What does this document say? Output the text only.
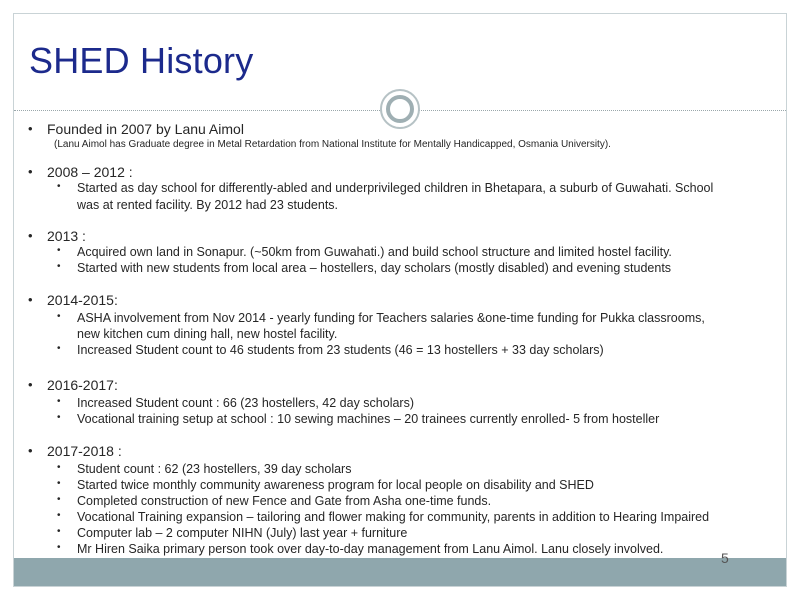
SHED History
• Founded in 2007 by Lanu Aimol
(Lanu Aimol has Graduate degree in Metal Retardation from National Institute for Mentally Handicapped, Osmania University).
• 2008 – 2012 :
• Started as day school for differently-abled and underprivileged children in Bhetapara, a suburb of Guwahati. School
was at rented facility. By 2012 had 23 students.
• 2013 :
• Acquired own land in Sonapur. (~50km from Guwahati.) and build school structure and limited hostel facility.
• Started with new students from local area – hostellers, day scholars (mostly disabled) and evening students
• 2014-2015:
• ASHA involvement from Nov 2014 - yearly funding for Teachers salaries &one-time funding for Pukka classrooms,
new kitchen cum dining hall, new hostel facility.
• Increased Student count to 46 students from 23 students (46 = 13 hostellers + 33 day scholars)
• 2016-2017:
• Increased Student count : 66 (23 hostellers, 42 day scholars)
• Vocational training setup at school : 10 sewing machines – 20 trainees currently enrolled- 5 from hosteller
• 2017-2018 :
• Student count : 62 (23 hostellers, 39 day scholars
• Started twice monthly community awareness program for local people on disability and SHED
• Completed construction of new Fence and Gate from Asha one-time funds.
• Vocational Training expansion – tailoring and flower making for community, parents in addition to Hearing Impaired
• Computer lab – 2 computer NIHN (July) last year + furniture
• Mr Hiren Saika primary person took over day-to-day management from Lanu Aimol. Lanu closely involved.
5
